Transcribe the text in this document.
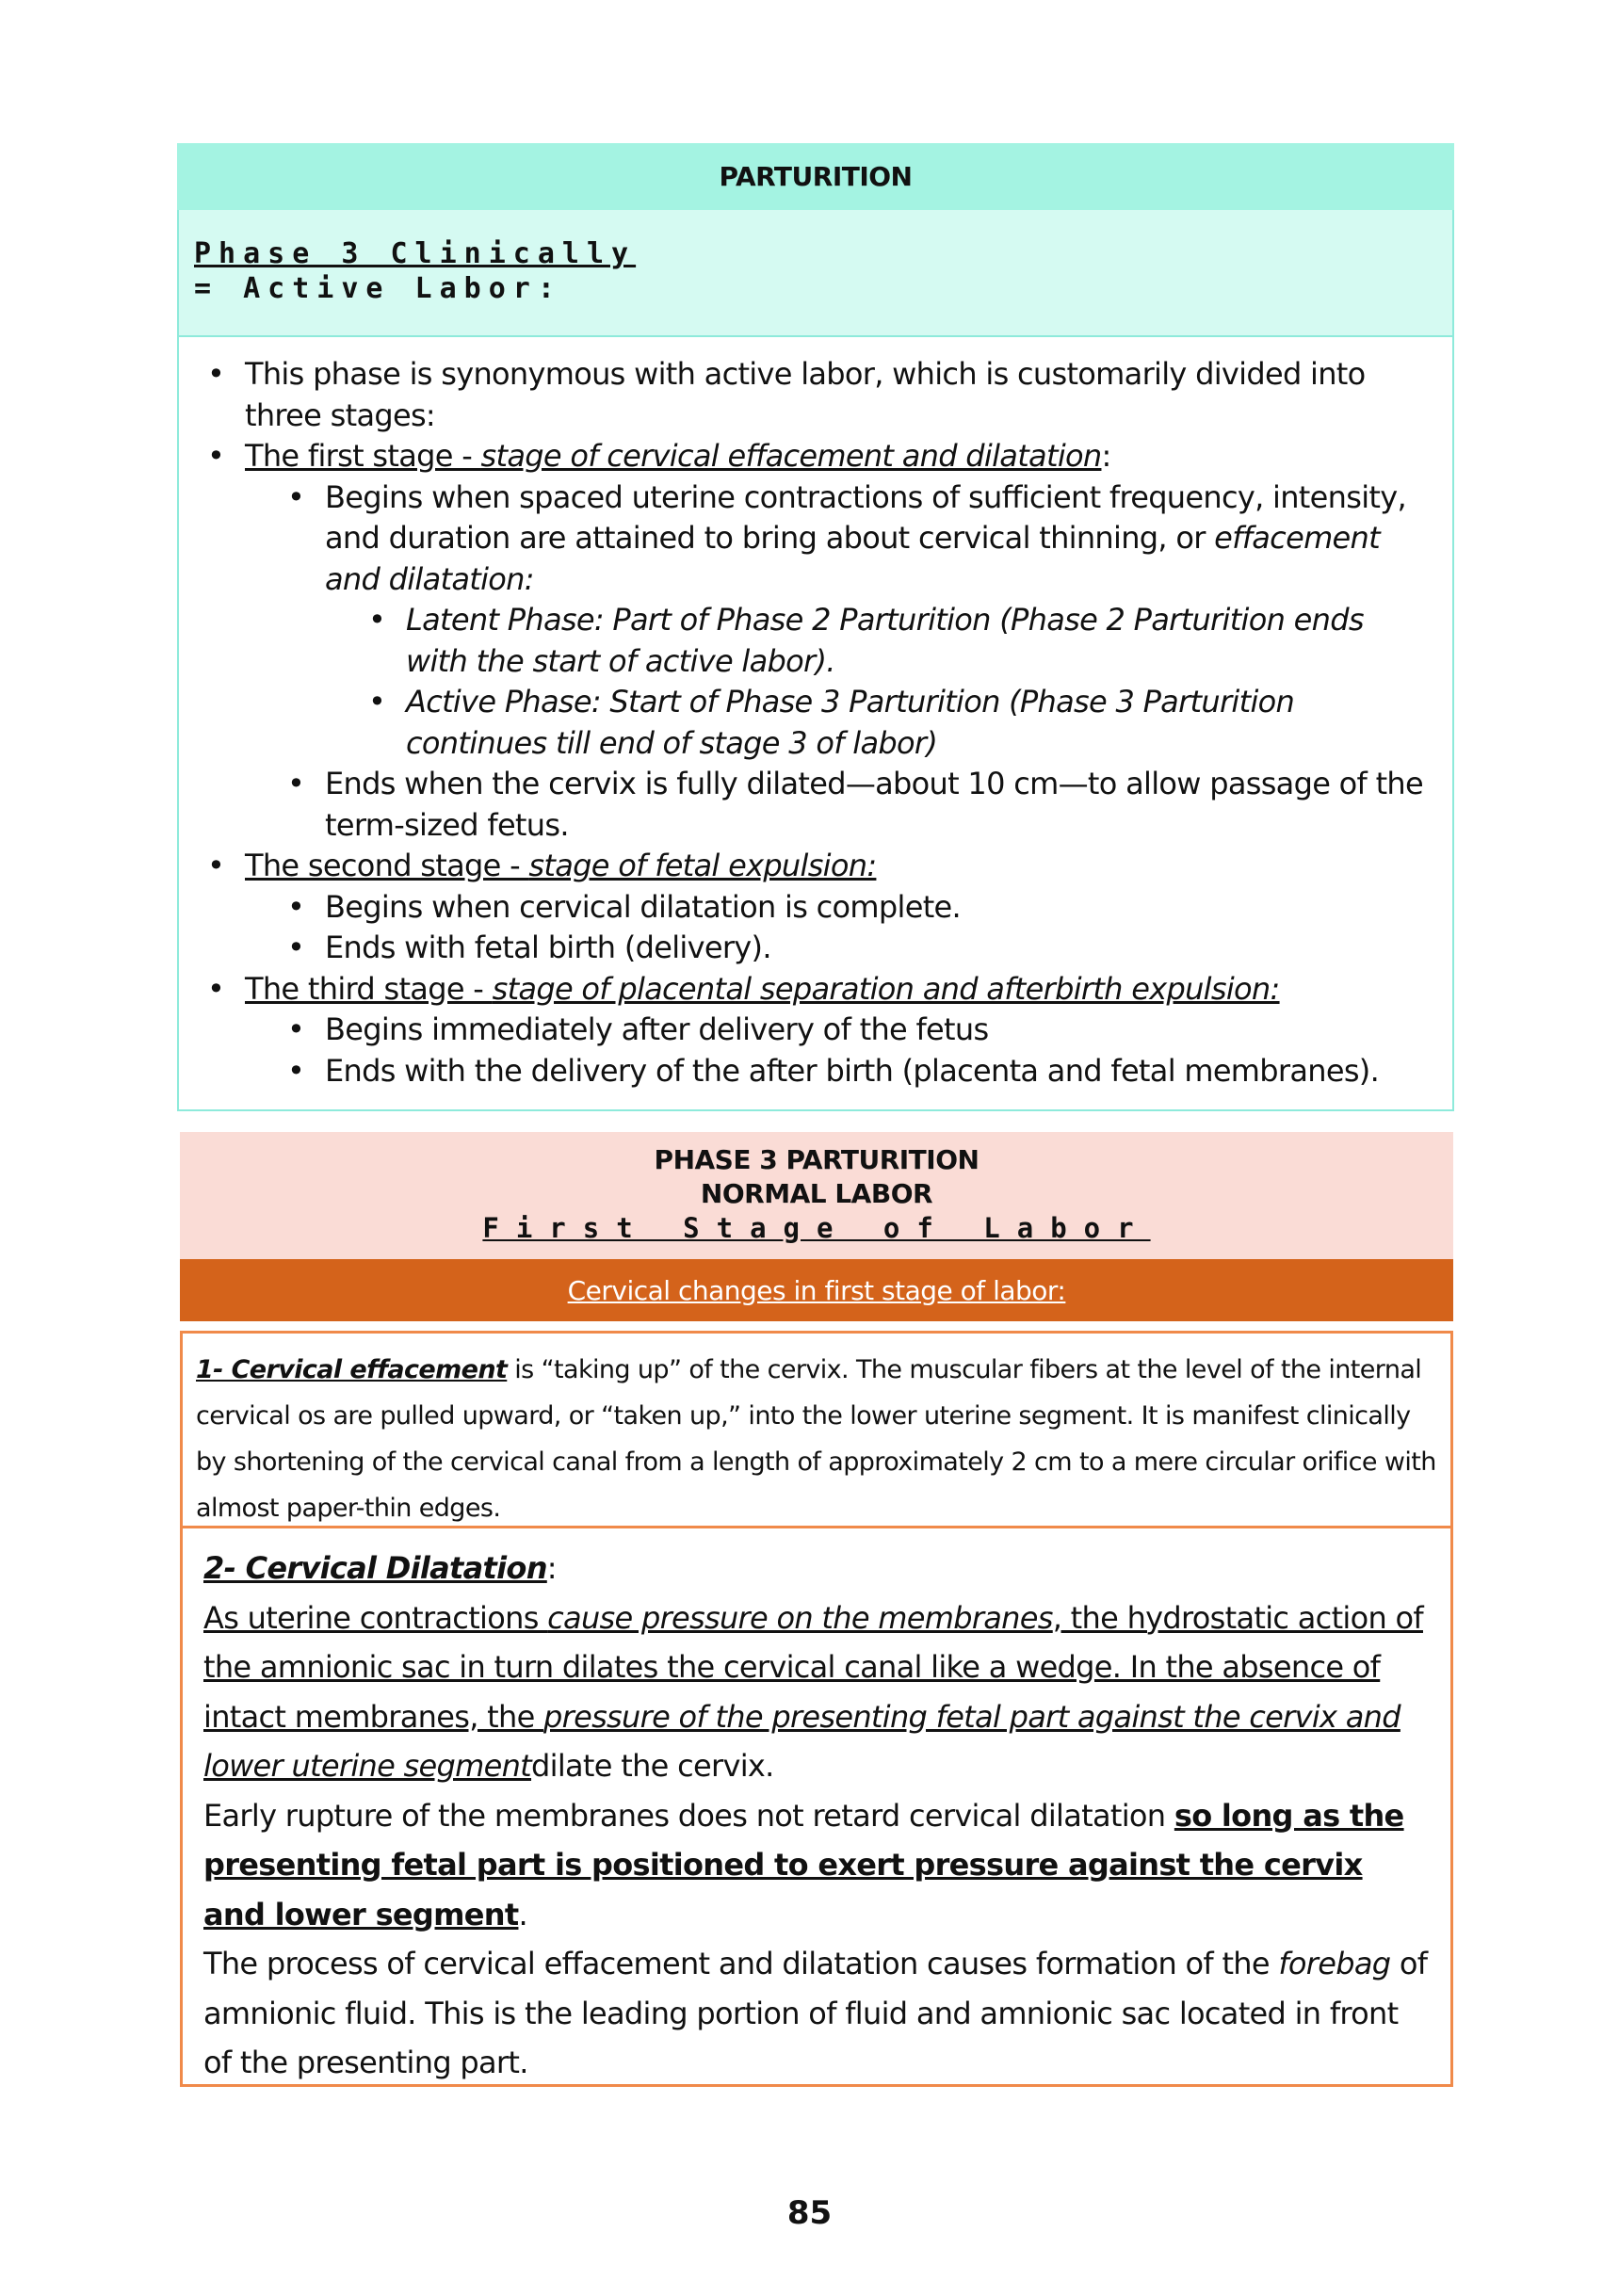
PARTURITION
Phase 3 Clinically
= Active Labor:
• This phase is synonymous with active labor, which is customarily divided into three stages:
• The first stage - stage of cervical effacement and dilatation:
• Begins when spaced uterine contractions of sufficient frequency, intensity, and duration are attained to bring about cervical thinning, or effacement and dilatation:
• Latent Phase: Part of Phase 2 Parturition (Phase 2 Parturition ends with the start of active labor).
• Active Phase: Start of Phase 3 Parturition (Phase 3 Parturition continues till end of stage 3 of labor)
• Ends when the cervix is fully dilated—about 10 cm—to allow passage of the term-sized fetus.
• The second stage - stage of fetal expulsion:
• Begins when cervical dilatation is complete.
• Ends with fetal birth (delivery).
• The third stage - stage of placental separation and afterbirth expulsion:
• Begins immediately after delivery of the fetus
• Ends with the delivery of the after birth (placenta and fetal membranes).
PHASE 3 PARTURITION
NORMAL LABOR
First Stage of Labor
Cervical changes in first stage of labor:
1- Cervical effacement is “taking up” of the cervix. The muscular fibers at the level of the internal cervical os are pulled upward, or “taken up,” into the lower uterine segment. It is manifest clinically by shortening of the cervical canal from a length of approximately 2 cm to a mere circular orifice with almost paper-thin edges.
2- Cervical Dilatation:
As uterine contractions cause pressure on the membranes, the hydrostatic action of the amnionic sac in turn dilates the cervical canal like a wedge. In the absence of intact membranes, the pressure of the presenting fetal part against the cervix and lower uterine segmentdilate the cervix.
Early rupture of the membranes does not retard cervical dilatation so long as the presenting fetal part is positioned to exert pressure against the cervix and lower segment.
The process of cervical effacement and dilatation causes formation of the forebag of amnionic fluid. This is the leading portion of fluid and amnionic sac located in front of the presenting part.
85
